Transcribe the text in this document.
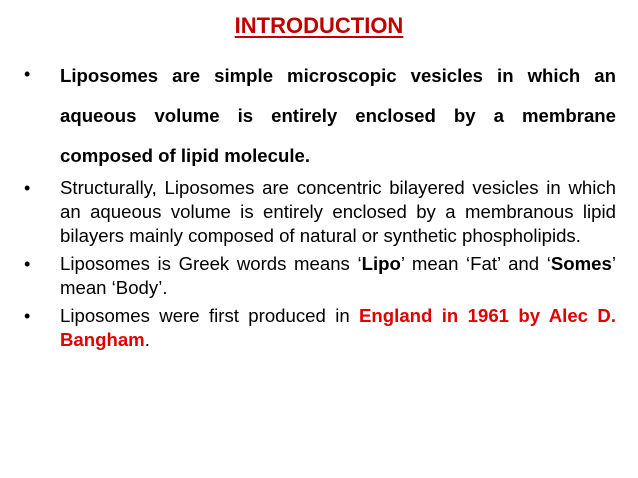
INTRODUCTION
• Liposomes are simple microscopic vesicles in which an aqueous volume is entirely enclosed by a membrane composed of lipid molecule.
• Structurally, Liposomes are concentric bilayered vesicles in which an aqueous volume is entirely enclosed by a membranous lipid bilayers mainly composed of natural or synthetic phospholipids.
• Liposomes is Greek words means ‘Lipo’ mean ‘Fat’ and ‘Somes’ mean ‘Body’.
• Liposomes were first produced in England in 1961 by Alec D. Bangham.
